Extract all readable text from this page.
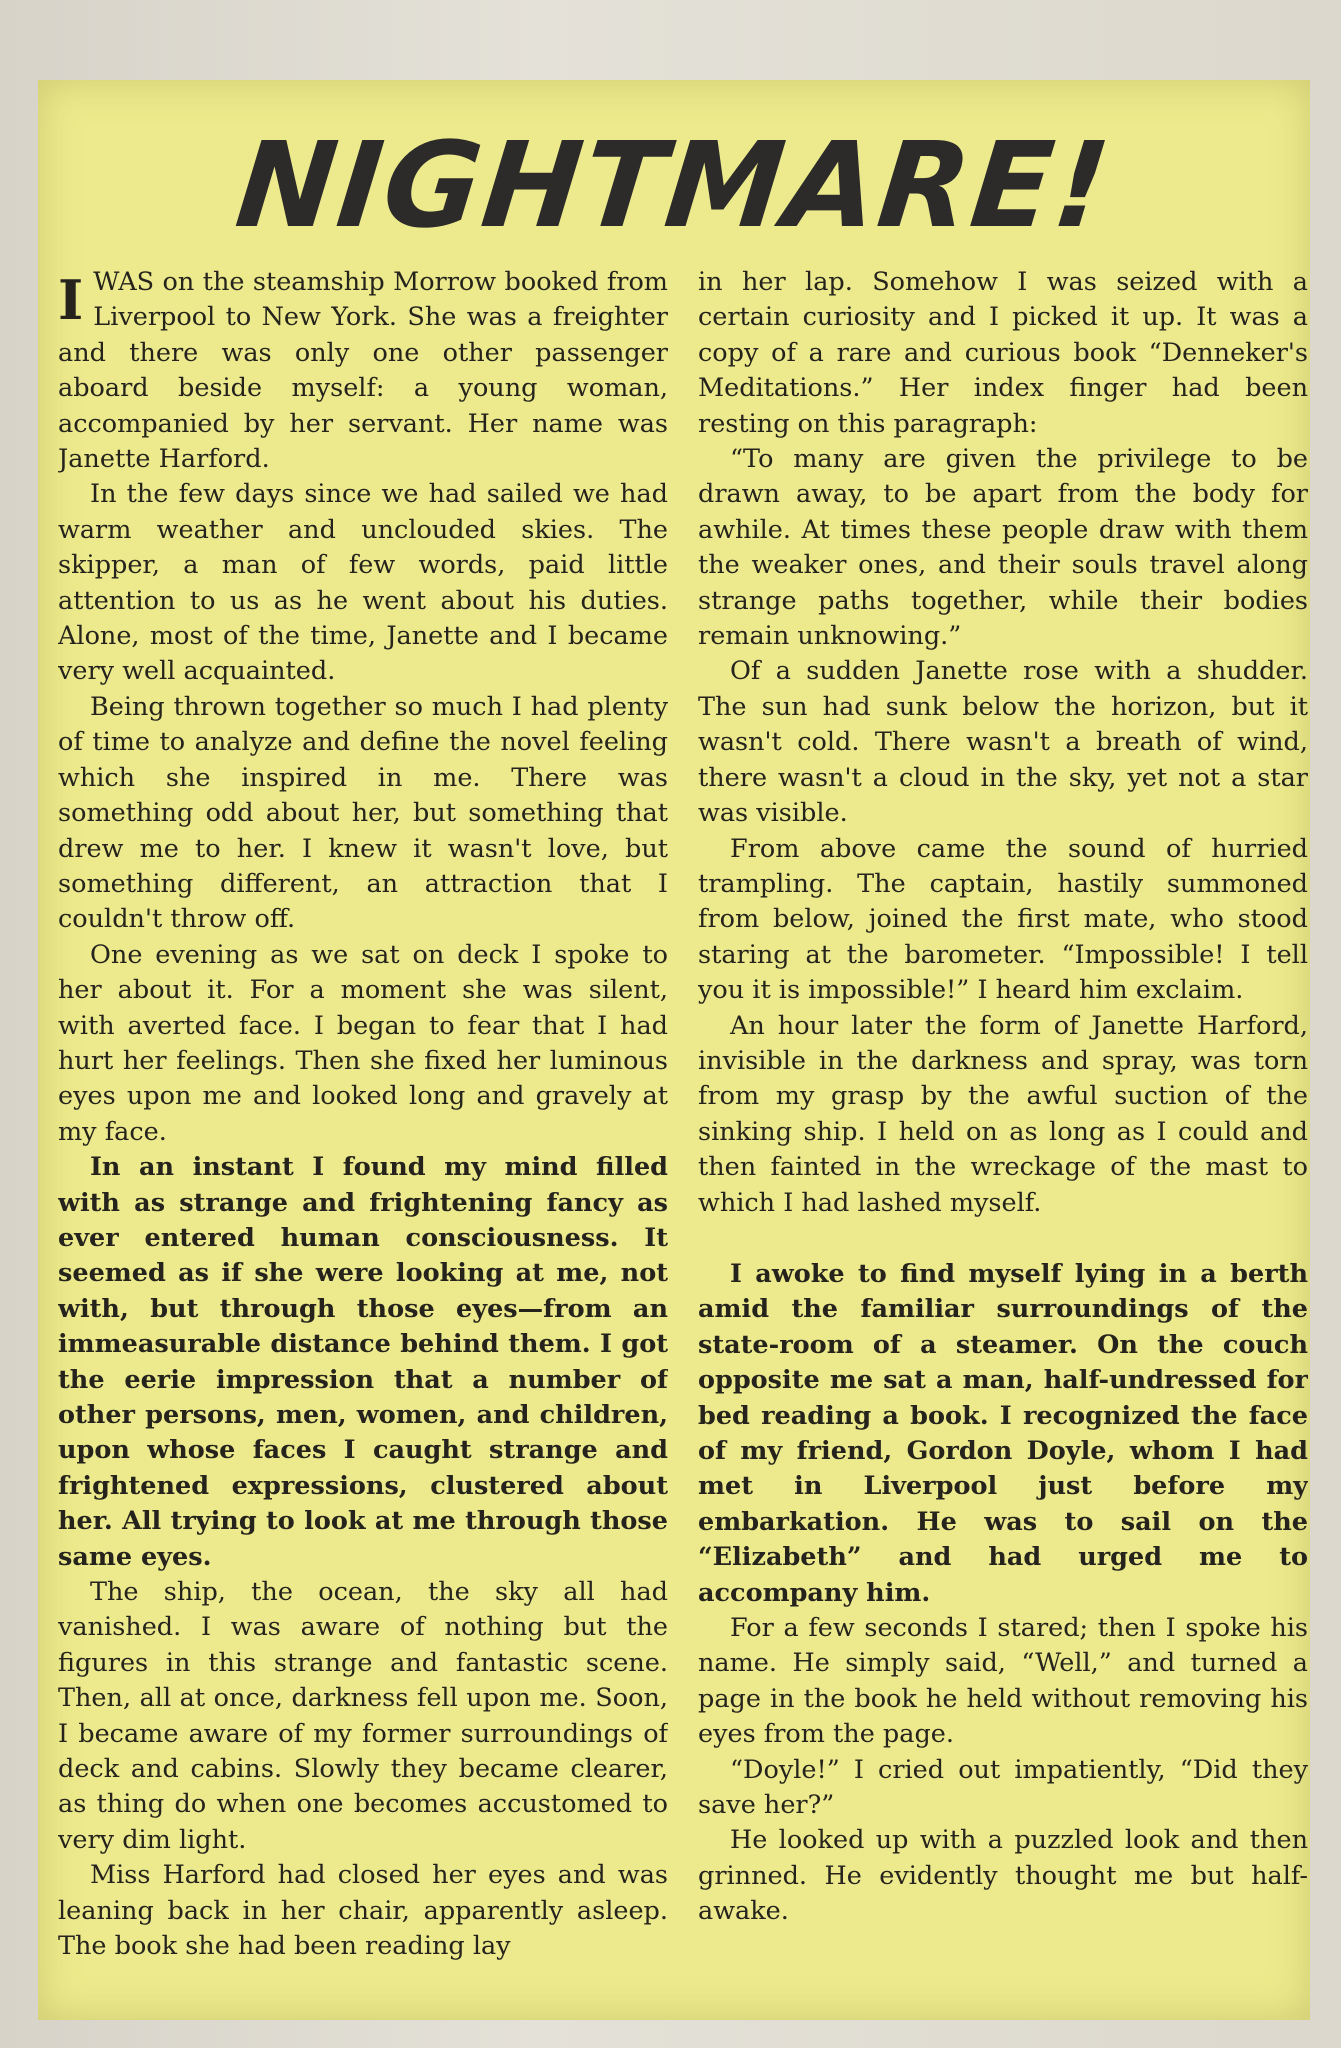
NIGHTMARE!

I WAS on the steamship Morrow booked from Liverpool to New York. She was a freighter and there was only one other passenger aboard beside myself: a young woman, accompanied by her servant. Her name was Janette Harford.

In the few days since we had sailed we had warm weather and unclouded skies. The skipper, a man of few words, paid little attention to us as he went about his duties. Alone, most of the time, Janette and I became very well acquainted.

Being thrown together so much I had plenty of time to analyze and define the novel feeling which she inspired in me. There was something odd about her, but something that drew me to her. I knew it wasn't love, but something different, an attraction that I couldn't throw off.

One evening as we sat on deck I spoke to her about it. For a moment she was silent, with averted face. I began to fear that I had hurt her feelings. Then she fixed her luminous eyes upon me and looked long and gravely at my face.

In an instant I found my mind filled with as strange and frightening fancy as ever entered human consciousness. It seemed as if she were looking at me, not with, but through those eyes—from an immeasurable distance behind them. I got the eerie impression that a number of other persons, men, women, and children, upon whose faces I caught strange and frightened expressions, clustered about her. All trying to look at me through those same eyes.

The ship, the ocean, the sky all had vanished. I was aware of nothing but the figures in this strange and fantastic scene. Then, all at once, darkness fell upon me. Soon, I became aware of my former surroundings of deck and cabins. Slowly they became clearer, as thing do when one becomes accustomed to very dim light.

Miss Harford had closed her eyes and was leaning back in her chair, apparently asleep. The book she had been reading lay

in her lap. Somehow I was seized with a certain curiosity and I picked it up. It was a copy of a rare and curious book “Denneker's Meditations.” Her index finger had been resting on this paragraph:

“To many are given the privilege to be drawn away, to be apart from the body for awhile. At times these people draw with them the weaker ones, and their souls travel along strange paths together, while their bodies remain unknowing.”

Of a sudden Janette rose with a shudder. The sun had sunk below the horizon, but it wasn't cold. There wasn't a breath of wind, there wasn't a cloud in the sky, yet not a star was visible.

From above came the sound of hurried trampling. The captain, hastily summoned from below, joined the first mate, who stood staring at the barometer. “Impossible! I tell you it is impossible!” I heard him exclaim.

An hour later the form of Janette Harford, invisible in the darkness and spray, was torn from my grasp by the awful suction of the sinking ship. I held on as long as I could and then fainted in the wreckage of the mast to which I had lashed myself.

I awoke to find myself lying in a berth amid the familiar surroundings of the state-room of a steamer. On the couch opposite me sat a man, half-undressed for bed reading a book. I recognized the face of my friend, Gordon Doyle, whom I had met in Liverpool just before my embarkation. He was to sail on the “Elizabeth” and had urged me to accompany him.

For a few seconds I stared; then I spoke his name. He simply said, “Well,” and turned a page in the book he held without removing his eyes from the page.

“Doyle!” I cried out impatiently, “Did they save her?”

He looked up with a puzzled look and then grinned. He evidently thought me but half-awake.
